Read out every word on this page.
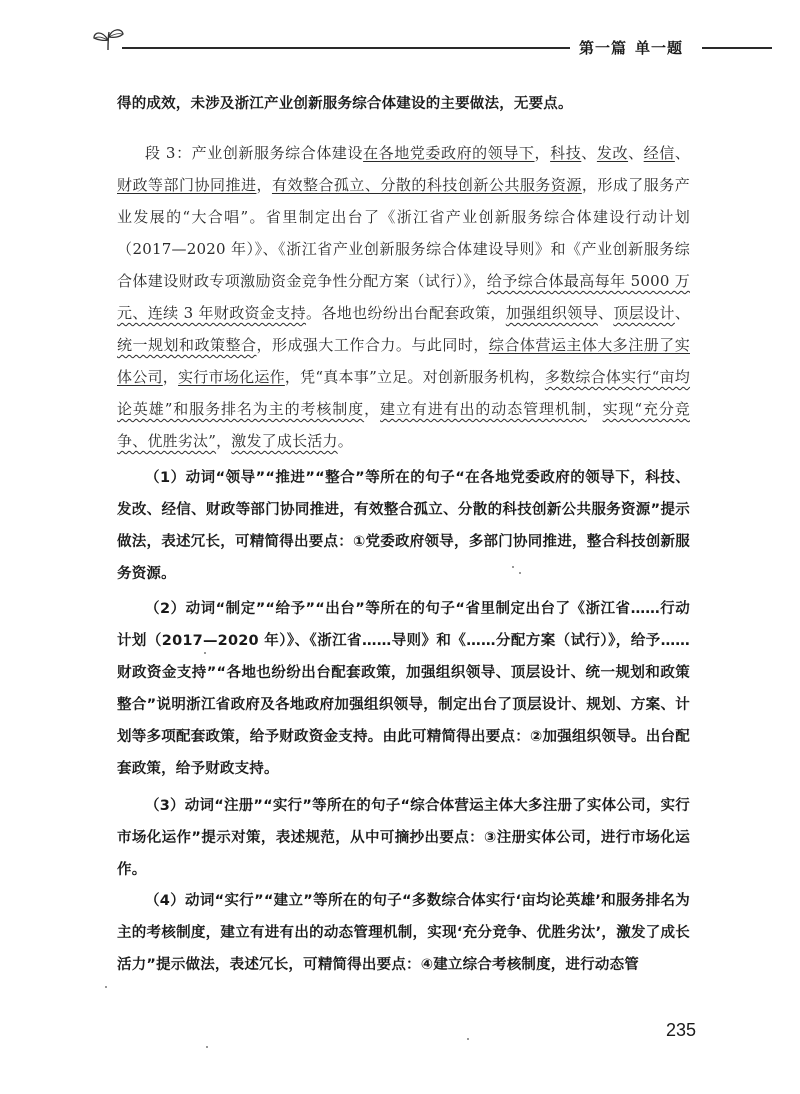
第一篇 单一题

得的成效，未涉及浙江产业创新服务综合体建设的主要做法，无要点。

段 3：产业创新服务综合体建设在各地党委政府的领导下，科技、发改、经信、财政等部门协同推进，有效整合孤立、分散的科技创新公共服务资源，形成了服务产业发展的“大合唱”。省里制定出台了《浙江省产业创新服务综合体建设行动计划（2017—2020 年）》、《浙江省产业创新服务综合体建设导则》和《产业创新服务综合体建设财政专项激励资金竞争性分配方案（试行）》，给予综合体最高每年 5000 万元、连续 3 年财政资金支持。各地也纷纷出台配套政策，加强组织领导、顶层设计、统一规划和政策整合，形成强大工作合力。与此同时，综合体营运主体大多注册了实体公司，实行市场化运作，凭“真本事”立足。对创新服务机构，多数综合体实行“亩均论英雄”和服务排名为主的考核制度，建立有进有出的动态管理机制，实现“充分竞争、优胜劣汰”，激发了成长活力。

（1）动词“领导”“推进”“整合”等所在的句子“在各地党委政府的领导下，科技、发改、经信、财政等部门协同推进，有效整合孤立、分散的科技创新公共服务资源”提示做法，表述冗长，可精简得出要点：①党委政府领导，多部门协同推进，整合科技创新服务资源。

（2）动词“制定”“给予”“出台”等所在的句子“省里制定出台了《浙江省……行动计划（2017—2020 年）》、《浙江省……导则》和《……分配方案（试行）》，给予……财政资金支持”“各地也纷纷出台配套政策，加强组织领导、顶层设计、统一规划和政策整合”说明浙江省政府及各地政府加强组织领导，制定出台了顶层设计、规划、方案、计划等多项配套政策，给予财政资金支持。由此可精简得出要点：②加强组织领导。出台配套政策，给予财政支持。

（3）动词“注册”“实行”等所在的句子“综合体营运主体大多注册了实体公司，实行市场化运作”提示对策，表述规范，从中可摘抄出要点：③注册实体公司，进行市场化运作。

（4）动词“实行”“建立”等所在的句子“多数综合体实行‘亩均论英雄’和服务排名为主的考核制度，建立有进有出的动态管理机制，实现‘充分竞争、优胜劣汰’，激发了成长活力”提示做法，表述冗长，可精简得出要点：④建立综合考核制度，进行动态管

235
